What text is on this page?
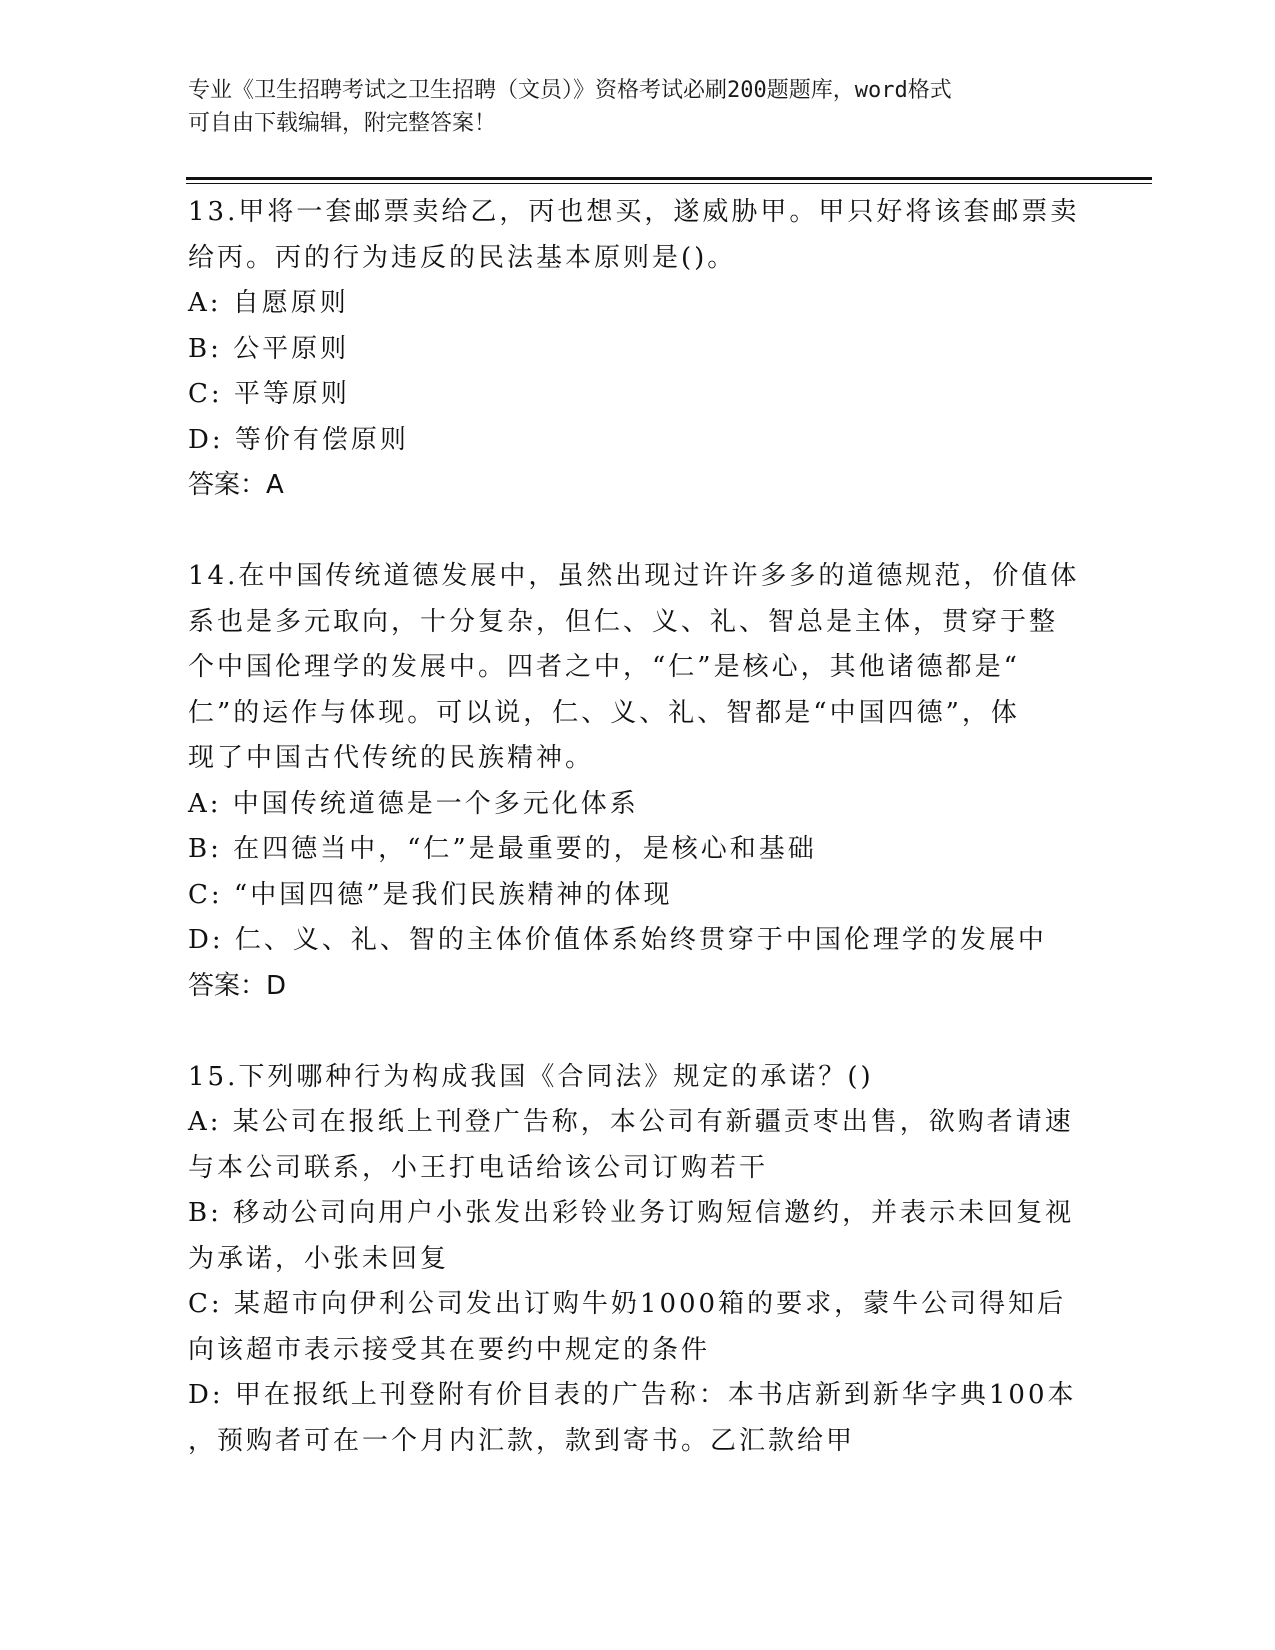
专业《卫生招聘考试之卫生招聘（文员）》资格考试必刷200题题库，word格式
可自由下载编辑，附完整答案！
13.甲将一套邮票卖给乙，丙也想买，遂威胁甲。甲只好将该套邮票卖
给丙。丙的行为违反的民法基本原则是()。
A: 自愿原则
B: 公平原则
C: 平等原则
D: 等价有偿原则
答案：A
14.在中国传统道德发展中，虽然出现过许许多多的道德规范，价值体
系也是多元取向，十分复杂，但仁、义、礼、智总是主体，贯穿于整
个中国伦理学的发展中。四者之中，“仁”是核心，其他诸德都是“
仁”的运作与体现。可以说，仁、义、礼、智都是“中国四德”，体
现了中国古代传统的民族精神。
A: 中国传统道德是一个多元化体系
B: 在四德当中，“仁”是最重要的，是核心和基础
C: “中国四德”是我们民族精神的体现
D: 仁、义、礼、智的主体价值体系始终贯穿于中国伦理学的发展中
答案：D
15.下列哪种行为构成我国《合同法》规定的承诺？()
A: 某公司在报纸上刊登广告称，本公司有新疆贡枣出售，欲购者请速
与本公司联系，小王打电话给该公司订购若干
B: 移动公司向用户小张发出彩铃业务订购短信邀约，并表示未回复视
为承诺，小张未回复
C: 某超市向伊利公司发出订购牛奶1000箱的要求，蒙牛公司得知后
向该超市表示接受其在要约中规定的条件
D: 甲在报纸上刊登附有价目表的广告称：本书店新到新华字典100本
，预购者可在一个月内汇款，款到寄书。乙汇款给甲
